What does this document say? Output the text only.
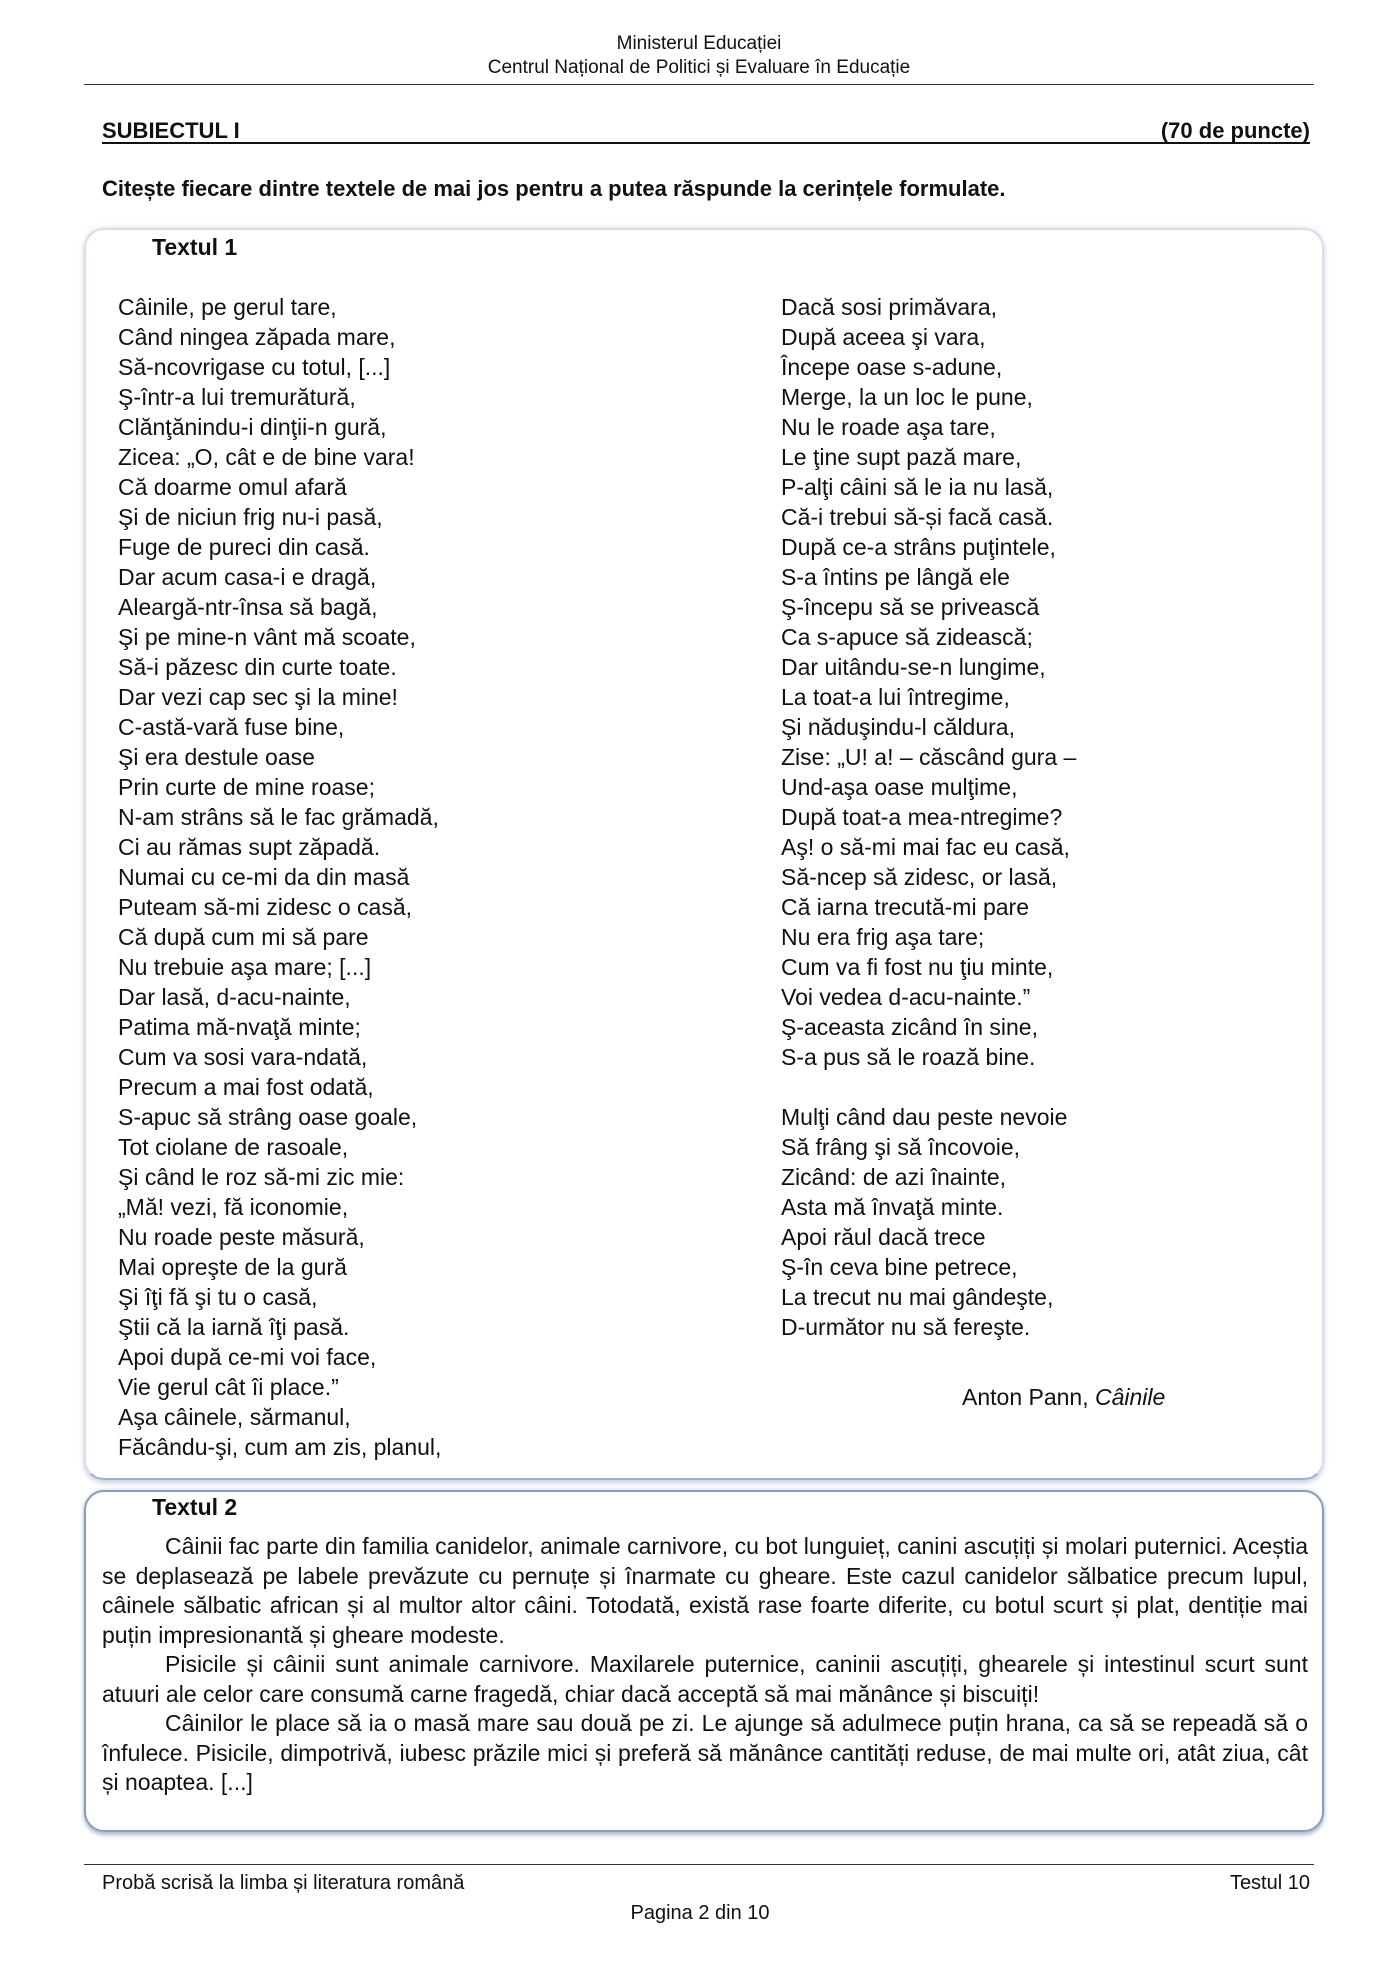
Ministerul Educației
Centrul Național de Politici și Evaluare în Educație
SUBIECTUL I	(70 de puncte)
Citește fiecare dintre textele de mai jos pentru a putea răspunde la cerințele formulate.
Textul 1
Câinile, pe gerul tare,
Când ningea zăpada mare,
Să-ncovrigase cu totul, [...]
Ş-într-a lui tremurătură,
Clănţănindu-i dinţii-n gură,
Zicea: „O, cât e de bine vara!
Că doarme omul afară
Şi de niciun frig nu-i pasă,
Fuge de pureci din casă.
Dar acum casa-i e dragă,
Aleargă-ntr-însa să bagă,
Şi pe mine-n vânt mă scoate,
Să-i păzesc din curte toate.
Dar vezi cap sec şi la mine!
C-astă-vară fuse bine,
Şi era destule oase
Prin curte de mine roase;
N-am strâns să le fac grămadă,
Ci au rămas supt zăpadă.
Numai cu ce-mi da din masă
Puteam să-mi zidesc o casă,
Că după cum mi să pare
Nu trebuie aşa mare; [...]
Dar lasă, d-acu-nainte,
Patima mă-nvaţă minte;
Cum va sosi vara-ndată,
Precum a mai fost odată,
S-apuc să strâng oase goale,
Tot ciolane de rasoale,
Şi când le roz să-mi zic mie:
„Mă! vezi, fă iconomie,
Nu roade peste măsură,
Mai opreşte de la gură
Şi îţi fă şi tu o casă,
Ştii că la iarnă îţi pasă.
Apoi după ce-mi voi face,
Vie gerul cât îi place.”
Aşa câinele, sărmanul,
Făcându-şi, cum am zis, planul,
Dacă sosi primăvara,
După aceea şi vara,
Începe oase s-adune,
Merge, la un loc le pune,
Nu le roade aşa tare,
Le ţine supt pază mare,
P-alţi câini să le ia nu lasă,
Că-i trebui să-și facă casă.
După ce-a strâns puţintele,
S-a întins pe lângă ele
Ş-începu să se privească
Ca s-apuce să zidească;
Dar uitându-se-n lungime,
La toat-a lui întregime,
Şi năduşindu-l căldura,
Zise: „U! a! – căscând gura –
Und-aşa oase mulţime,
După toat-a mea-ntregime?
Aş! o să-mi mai fac eu casă,
Să-ncep să zidesc, or lasă,
Că iarna trecută-mi pare
Nu era frig aşa tare;
Cum va fi fost nu ţiu minte,
Voi vedea d-acu-nainte.”
Ş-aceasta zicând în sine,
S-a pus să le roază bine.
Mulţi când dau peste nevoie
Să frâng şi să încovoie,
Zicând: de azi înainte,
Asta mă învaţă minte.
Apoi răul dacă trece
Ş-în ceva bine petrece,
La trecut nu mai gândeşte,
D-următor nu să fereşte.
Anton Pann, Câinile
Textul 2

Câinii fac parte din familia canidelor, animale carnivore, cu bot lunguieț, canini ascuțiți și molari puternici. Aceștia se deplasează pe labele prevăzute cu pernuțe și înarmate cu gheare. Este cazul canidelor sălbatice precum lupul, câinele sălbatic african și al multor altor câini. Totodată, există rase foarte diferite, cu botul scurt și plat, dentiție mai puțin impresionantă și gheare modeste.

Pisicile și câinii sunt animale carnivore. Maxilarele puternice, caninii ascuțiți, ghearele și intestinul scurt sunt atuuri ale celor care consumă carne fragedă, chiar dacă acceptă să mai mănânce și biscuiți!

Câinilor le place să ia o masă mare sau două pe zi. Le ajunge să adulmece puțin hrana, ca să se repeadă să o înfulece. Pisicile, dimpotrivă, iubesc prăzile mici și preferă să mănânce cantități reduse, de mai multe ori, atât ziua, cât și noaptea. [...]

Probă scrisă la limba și literatura română	Testul 10
Pagina 2 din 10
